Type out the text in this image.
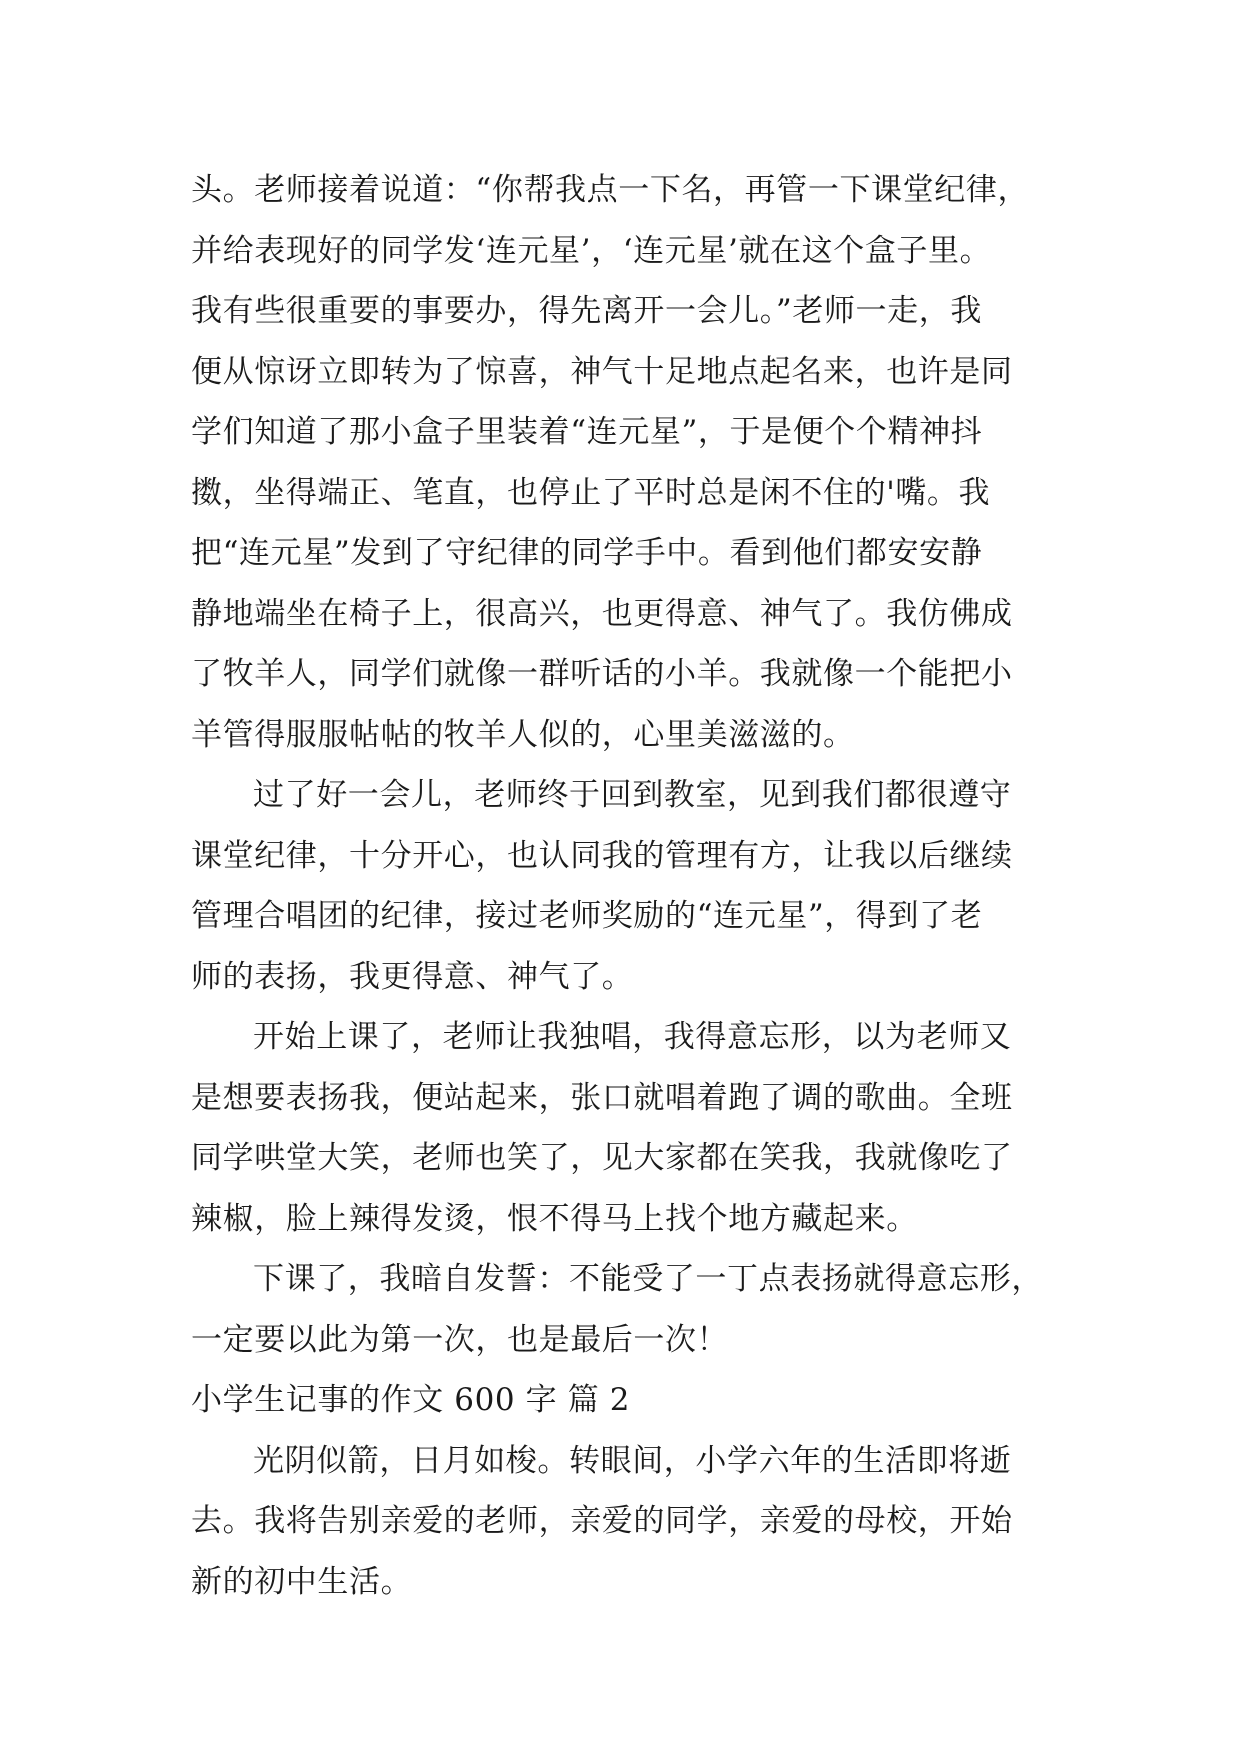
头。老师接着说道：“你帮我点一下名，再管一下课堂纪律，
并给表现好的同学发‘连元星’，‘连元星’就在这个盒子里。
我有些很重要的事要办，得先离开一会儿。”老师一走，我
便从惊讶立即转为了惊喜，神气十足地点起名来，也许是同
学们知道了那小盒子里装着“连元星”，于是便个个精神抖
擞，坐得端正、笔直，也停止了平时总是闲不住的'嘴。我
把“连元星”发到了守纪律的同学手中。看到他们都安安静
静地端坐在椅子上，很高兴，也更得意、神气了。我仿佛成
了牧羊人，同学们就像一群听话的小羊。我就像一个能把小
羊管得服服帖帖的牧羊人似的，心里美滋滋的。
过了好一会儿，老师终于回到教室，见到我们都很遵守
课堂纪律，十分开心，也认同我的管理有方，让我以后继续
管理合唱团的纪律，接过老师奖励的“连元星”，得到了老
师的表扬，我更得意、神气了。
开始上课了，老师让我独唱，我得意忘形，以为老师又
是想要表扬我，便站起来，张口就唱着跑了调的歌曲。全班
同学哄堂大笑，老师也笑了，见大家都在笑我，我就像吃了
辣椒，脸上辣得发烫，恨不得马上找个地方藏起来。
下课了，我暗自发誓：不能受了一丁点表扬就得意忘形，
一定要以此为第一次，也是最后一次！
小学生记事的作文 600 字 篇 2
光阴似箭，日月如梭。转眼间，小学六年的生活即将逝
去。我将告别亲爱的老师，亲爱的同学，亲爱的母校，开始
新的初中生活。
